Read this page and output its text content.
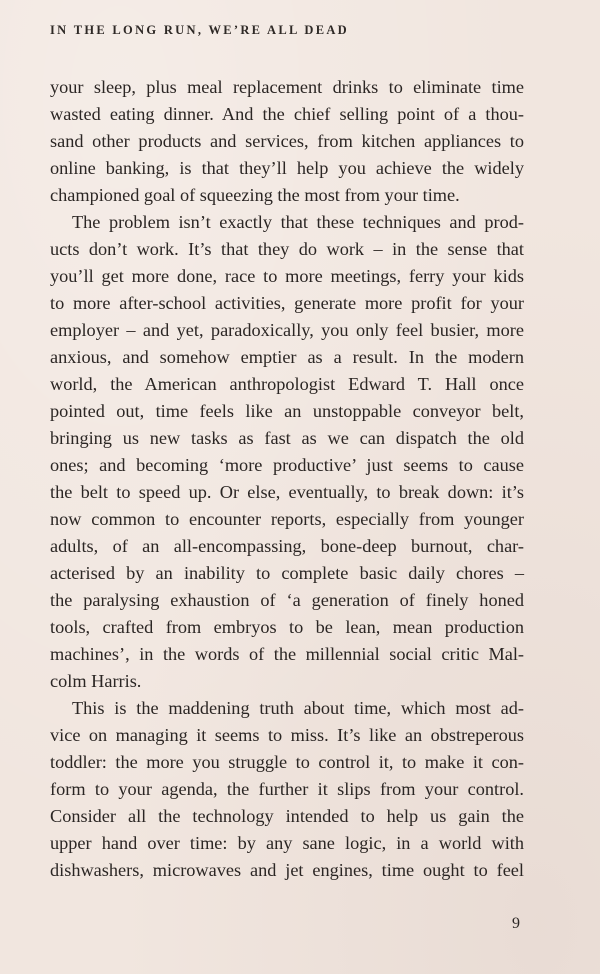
IN THE LONG RUN, WE’RE ALL DEAD
your sleep, plus meal replacement drinks to eliminate time
wasted eating dinner. And the chief selling point of a thou-
sand other products and services, from kitchen appliances to
online banking, is that they’ll help you achieve the widely
championed goal of squeezing the most from your time.
The problem isn’t exactly that these techniques and prod-
ucts don’t work. It’s that they do work – in the sense that
you’ll get more done, race to more meetings, ferry your kids
to more after-school activities, generate more profit for your
employer – and yet, paradoxically, you only feel busier, more
anxious, and somehow emptier as a result. In the modern
world, the American anthropologist Edward T. Hall once
pointed out, time feels like an unstoppable conveyor belt,
bringing us new tasks as fast as we can dispatch the old
ones; and becoming ‘more productive’ just seems to cause
the belt to speed up. Or else, eventually, to break down: it’s
now common to encounter reports, especially from younger
adults, of an all-encompassing, bone-deep burnout, char-
acterised by an inability to complete basic daily chores –
the paralysing exhaustion of ‘a generation of finely honed
tools, crafted from embryos to be lean, mean production
machines’, in the words of the millennial social critic Mal-
colm Harris.
This is the maddening truth about time, which most ad-
vice on managing it seems to miss. It’s like an obstreperous
toddler: the more you struggle to control it, to make it con-
form to your agenda, the further it slips from your control.
Consider all the technology intended to help us gain the
upper hand over time: by any sane logic, in a world with
dishwashers, microwaves and jet engines, time ought to feel
9
